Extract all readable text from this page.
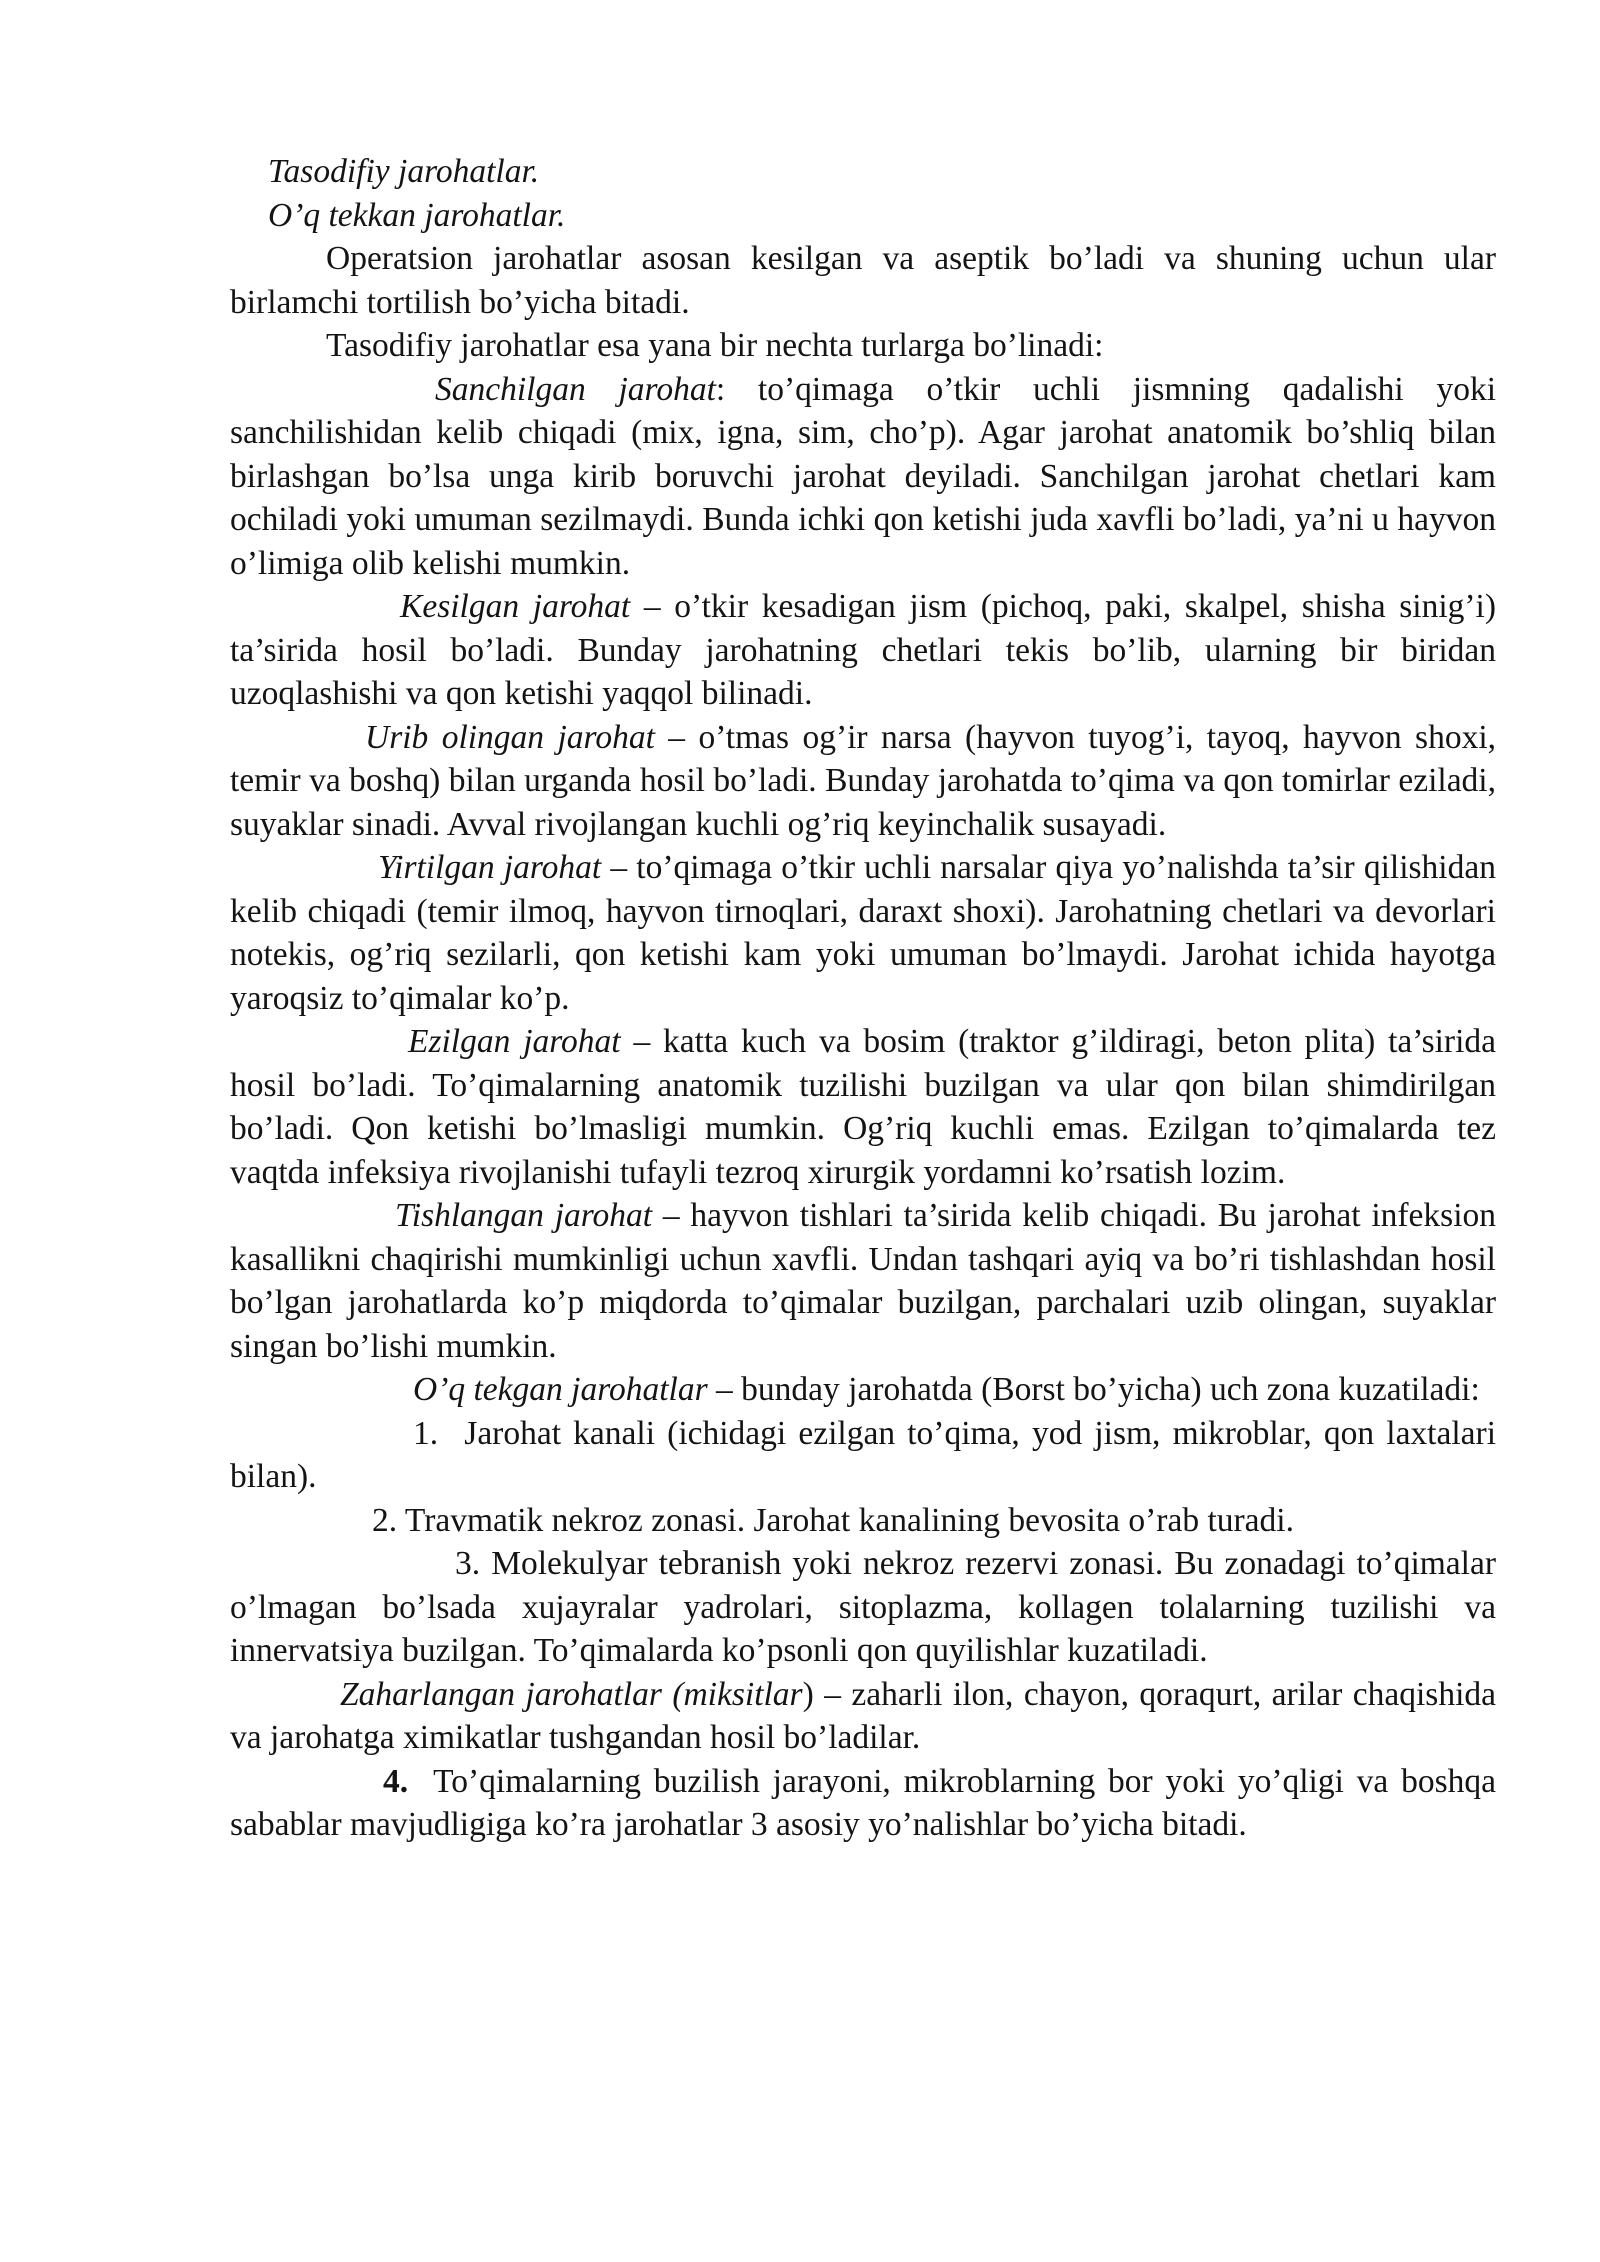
Tasodifiy jarohatlar.

O’q tekkan jarohatlar.

Operatsion jarohatlar asosan kesilgan va aseptik bo’ladi va shuning uchun ular birlamchi tortilish bo’yicha bitadi.

Tasodifiy jarohatlar esa yana bir nechta turlarga bo’linadi:

Sanchilgan jarohat: to’qimaga o’tkir uchli jismning qadalishi yoki sanchilishidan kelib chiqadi (mix, igna, sim, cho’p). Agar jarohat anatomik bo’shliq bilan birlashgan bo’lsa unga kirib boruvchi jarohat deyiladi. Sanchilgan jarohat chetlari kam ochiladi yoki umuman sezilmaydi. Bunda ichki qon ketishi juda xavfli bo’ladi, ya’ni u hayvon o’limiga olib kelishi mumkin.

Kesilgan jarohat – o’tkir kesadigan jism (pichoq, paki, skalpel, shisha sinig’i) ta’sirida hosil bo’ladi. Bunday jarohatning chetlari tekis bo’lib, ularning bir biridan uzoqlashishi va qon ketishi yaqqol bilinadi.

Urib olingan jarohat – o’tmas og’ir narsa (hayvon tuyog’i, tayoq, hayvon shoxi, temir va boshq) bilan urganda hosil bo’ladi. Bunday jarohatda to’qima va qon tomirlar eziladi, suyaklar sinadi. Avval rivojlangan kuchli og’riq keyinchalik susayadi.

Yirtilgan jarohat – to’qimaga o’tkir uchli narsalar qiya yo’nalishda ta’sir qilishidan kelib chiqadi (temir ilmoq, hayvon tirnoqlari, daraxt shoxi). Jarohatning chetlari va devorlari notekis, og’riq sezilarli, qon ketishi kam yoki umuman bo’lmaydi. Jarohat ichida hayotga yaroqsiz to’qimalar ko’p.

Ezilgan jarohat – katta kuch va bosim (traktor g’ildiragi, beton plita) ta’sirida hosil bo’ladi. To’qimalarning anatomik tuzilishi buzilgan va ular qon bilan shimdirilgan bo’ladi. Qon ketishi bo’lmasligi mumkin. Og’riq kuchli emas. Ezilgan to’qimalarda tez vaqtda infeksiya rivojlanishi tufayli tezroq xirurgik yordamni ko’rsatish lozim.

Tishlangan jarohat – hayvon tishlari ta’sirida kelib chiqadi. Bu jarohat infeksion kasallikni chaqirishi mumkinligi uchun xavfli. Undan tashqari ayiq va bo’ri tishlashdan hosil bo’lgan jarohatlarda ko’p miqdorda to’qimalar buzilgan, parchalari uzib olingan, suyaklar singan bo’lishi mumkin.

O’q tekgan jarohatlar – bunday jarohatda (Borst bo’yicha) uch zona kuzatiladi:

1. Jarohat kanali (ichidagi ezilgan to’qima, yod jism, mikroblar, qon laxtalari bilan).

2. Travmatik nekroz zonasi. Jarohat kanalining bevosita o’rab turadi.

3. Molekulyar tebranish yoki nekroz rezervi zonasi. Bu zonadagi to’qimalar o’lmagan bo’lsada xujayralar yadrolari, sitoplazma, kollagen tolalarning tuzilishi va innervatsiya buzilgan. To’qimalarda ko’psonli qon quyilishlar kuzatiladi.

Zaharlangan jarohatlar (miksitlar) – zaharli ilon, chayon, qoraqurt, arilar chaqishida va jarohatga ximikatlar tushgandan hosil bo’ladilar.

4. To’qimalarning buzilish jarayoni, mikroblarning bor yoki yo’qligi va boshqa sabablar mavjudligiga ko’ra jarohatlar 3 asosiy yo’nalishlar bo’yicha bitadi.
